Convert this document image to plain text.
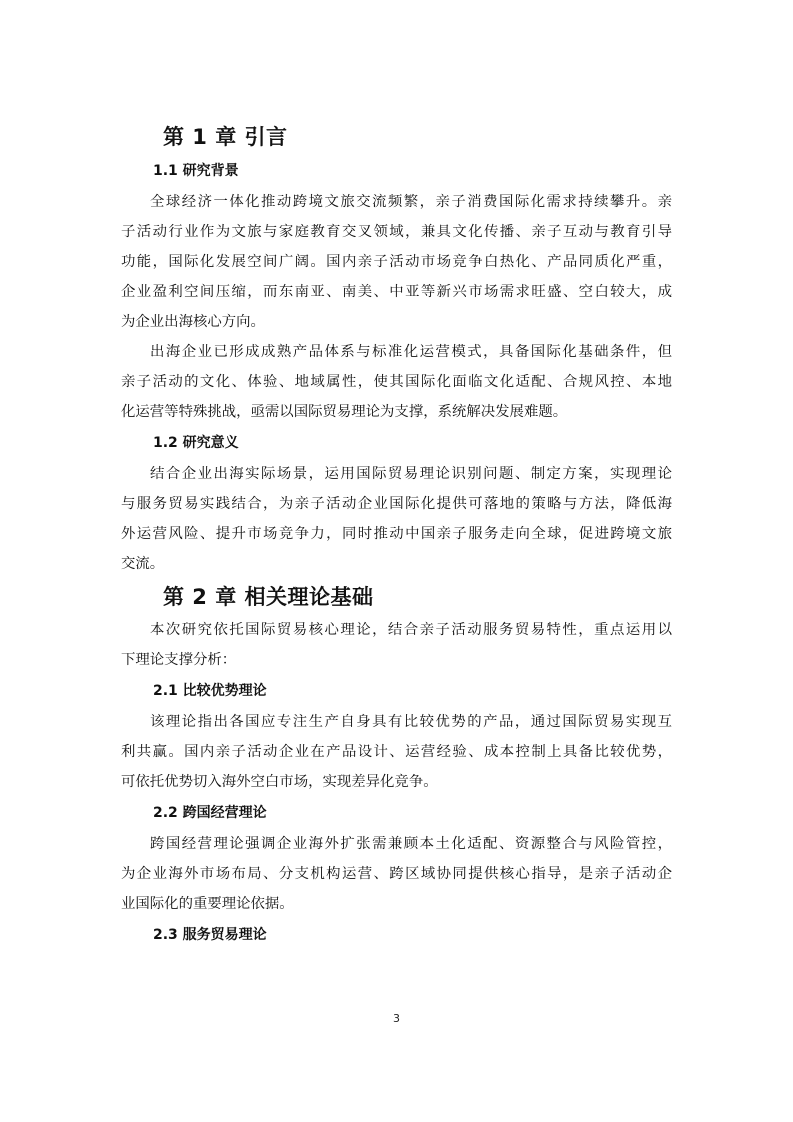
第 1 章 引言
1.1 研究背景
全球经济一体化推动跨境文旅交流频繁，亲子消费国际化需求持续攀升。亲
子活动行业作为文旅与家庭教育交叉领域，兼具文化传播、亲子互动与教育引导
功能，国际化发展空间广阔。国内亲子活动市场竞争白热化、产品同质化严重，
企业盈利空间压缩，而东南亚、南美、中亚等新兴市场需求旺盛、空白较大，成
为企业出海核心方向。
出海企业已形成成熟产品体系与标准化运营模式，具备国际化基础条件，但
亲子活动的文化、体验、地域属性，使其国际化面临文化适配、合规风控、本地
化运营等特殊挑战，亟需以国际贸易理论为支撑，系统解决发展难题。
1.2 研究意义
结合企业出海实际场景，运用国际贸易理论识别问题、制定方案，实现理论
与服务贸易实践结合，为亲子活动企业国际化提供可落地的策略与方法，降低海
外运营风险、提升市场竞争力，同时推动中国亲子服务走向全球，促进跨境文旅
交流。
第 2 章 相关理论基础
本次研究依托国际贸易核心理论，结合亲子活动服务贸易特性，重点运用以
下理论支撑分析：
2.1 比较优势理论
该理论指出各国应专注生产自身具有比较优势的产品，通过国际贸易实现互
利共赢。国内亲子活动企业在产品设计、运营经验、成本控制上具备比较优势，
可依托优势切入海外空白市场，实现差异化竞争。
2.2 跨国经营理论
跨国经营理论强调企业海外扩张需兼顾本土化适配、资源整合与风险管控，
为企业海外市场布局、分支机构运营、跨区域协同提供核心指导，是亲子活动企
业国际化的重要理论依据。
2.3 服务贸易理论
3
